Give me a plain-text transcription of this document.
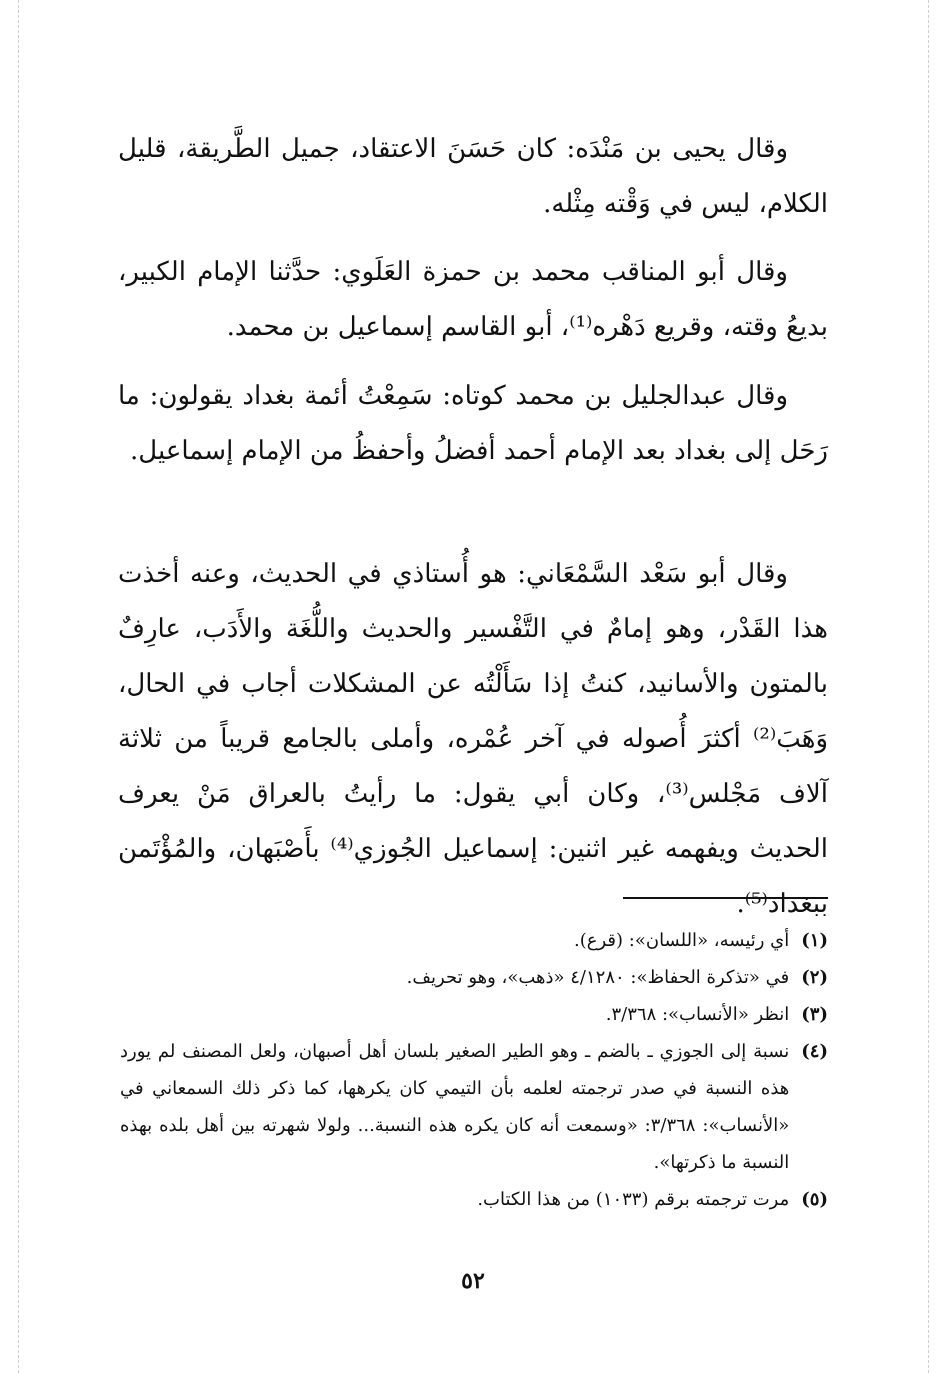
وقال يحيى بن مَنْدَه: كان حَسَنَ الاعتقاد، جميل الطَّريقة، قليل الكلام، ليس في وَقْته مِثْله.

وقال أبو المناقب محمد بن حمزة العَلَوي: حدَّثنا الإمام الكبير، بديعُ وقته، وقريع دَهْره⁽¹⁾، أبو القاسم إسماعيل بن محمد.

وقال عبدالجليل بن محمد كوتاه: سَمِعْتُ أئمة بغداد يقولون: ما رَحَل إلى بغداد بعد الإمام أحمد أفضلُ وأحفظُ من الإمام إسماعيل.

وقال أبو سَعْد السَّمْعَاني: هو أُستاذي في الحديث، وعنه أخذت هذا القَدْر، وهو إمامٌ في التَّفْسير والحديث واللُّغَة والأَدَب، عارِفٌ بالمتون والأسانيد، كنتُ إذا سَأَلْتُه عن المشكلات أجاب في الحال، وَهَبَ⁽²⁾ أكثرَ أُصوله في آخر عُمْره، وأملى بالجامع قريباً من ثلاثة آلاف مَجْلس⁽³⁾، وكان أبي يقول: ما رأيتُ بالعراق مَنْ يعرف الحديث ويفهمه غير اثنين: إسماعيل الجُوزي⁽⁴⁾ بأَصْبَهان، والمُؤْتَمن ببغداد⁽⁵⁾.

(١)
أي رئيسه، «اللسان»: (قرع).
(٢)
في «تذكرة الحفاظ»: ٤/١٢٨٠ «ذهب»، وهو تحريف.
(٣)
انظر «الأنساب»: ٣/٣٦٨.
(٤)
نسبة إلى الجوزي ـ بالضم ـ وهو الطير الصغير بلسان أهل أصبهان، ولعل المصنف لم يورد هذه النسبة في صدر ترجمته لعلمه بأن التيمي كان يكرهها، كما ذكر ذلك السمعاني في «الأنساب»: ٣/٣٦٨: «وسمعت أنه كان يكره هذه النسبة... ولولا شهرته بين أهل بلده بهذه النسبة ما ذكرتها».
(٥)
مرت ترجمته برقم (١٠٣٣) من هذا الكتاب.
٥٢
